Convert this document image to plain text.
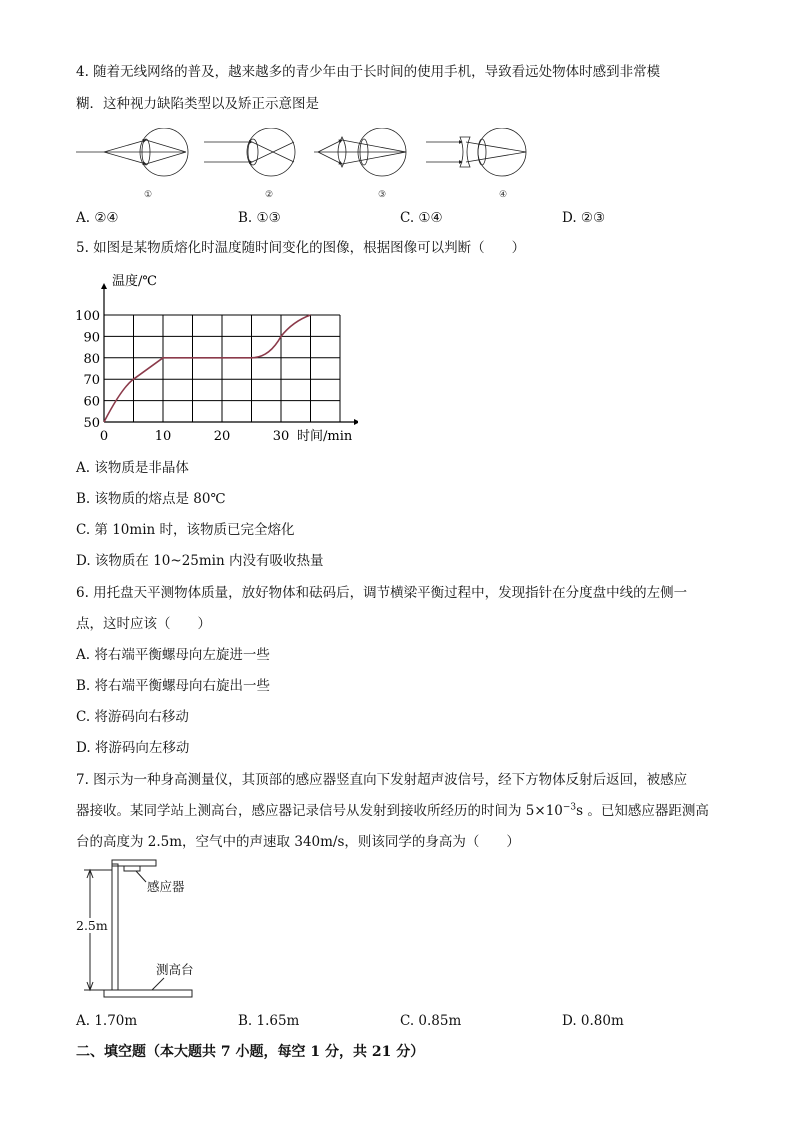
4. 随着无线网络的普及，越来越多的青少年由于长时间的使用手机，导致看远处物体时感到非常模
糊．这种视力缺陷类型以及矫正示意图是
①	②	③	④
A. ②④	B. ①③	C. ①④	D. ②③
5. 如图是某物质熔化时温度随时间变化的图像，根据图像可以判断（　　）
50
60
70
80
90
100
0	10	20	30
温度/℃
时间/min
A. 该物质是非晶体
B. 该物质的熔点是 80℃
C. 第 10min 时，该物质已完全熔化
D. 该物质在 10~25min 内没有吸收热量
6. 用托盘天平测物体质量，放好物体和砝码后，调节横梁平衡过程中，发现指针在分度盘中线的左侧一
点，这时应该（　　）
A. 将右端平衡螺母向左旋进一些
B. 将右端平衡螺母向右旋出一些
C. 将游码向右移动
D. 将游码向左移动
7. 图示为一种身高测量仪，其顶部的感应器竖直向下发射超声波信号，经下方物体反射后返回，被感应
器接收。某同学站上测高台，感应器记录信号从发射到接收所经历的时间为 $5\times 10^{-3}s$ 。已知感应器距测高
台的高度为 2.5m，空气中的声速取 340m/s，则该同学的身高为（　　）
感应器
测高台
2.5m
A. 1.70m	B. 1.65m	C. 0.85m	D. 0.80m
二、填空题（本大题共 7 小题，每空 1 分，共 21 分）
